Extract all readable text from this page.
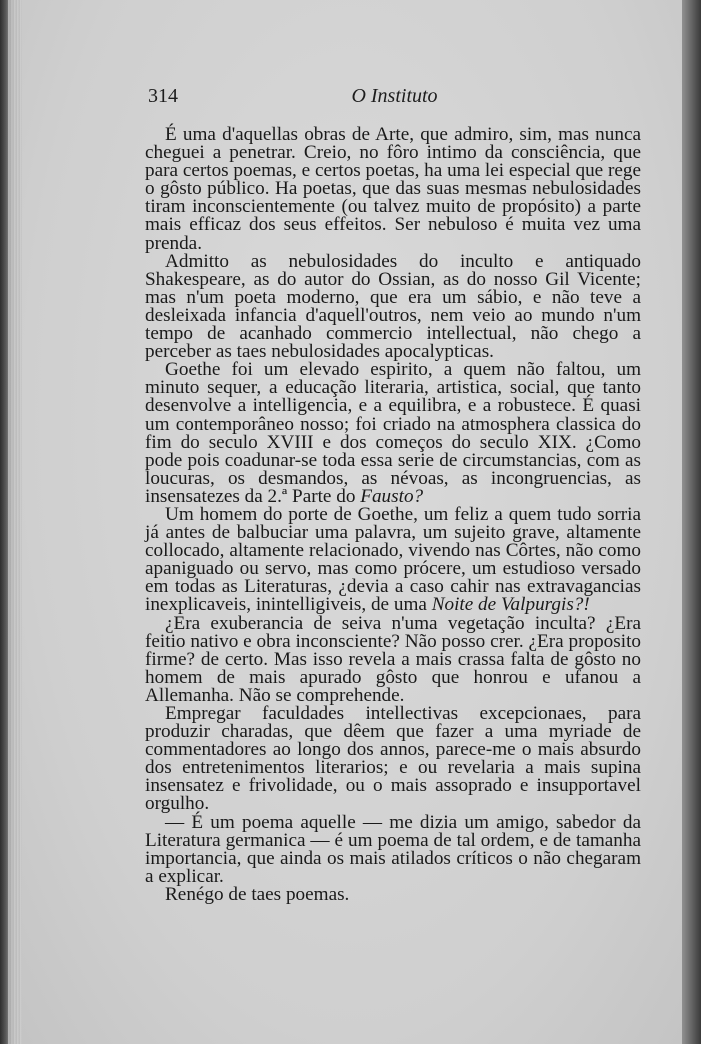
314	O Instituto

É uma d'aquellas obras de Arte, que admiro, sim, mas nunca cheguei a penetrar. Creio, no fôro intimo da consciência, que para certos poemas, e certos poetas, ha uma lei especial que rege o gôsto público. Ha poetas, que das suas mesmas nebulosidades tiram inconscientemente (ou talvez muito de propósito) a parte mais efficaz dos seus effeitos. Ser nebuloso é muita vez uma prenda.

Admitto as nebulosidades do inculto e antiquado Shakespeare, as do autor do Ossian, as do nosso Gil Vicente; mas n'um poeta moderno, que era um sábio, e não teve a desleixada infancia d'aquell'outros, nem veio ao mundo n'um tempo de acanhado commercio intellectual, não chego a perceber as taes nebulosidades apocalypticas.

Goethe foi um elevado espirito, a quem não faltou, um minuto sequer, a educação literaria, artistica, social, que tanto desenvolve a intelligencia, e a equilibra, e a robustece. É quasi um contemporâneo nosso; foi criado na atmosphera classica do fim do seculo XVIII e dos começos do seculo XIX. ¿Como pode pois coadunar-se toda essa serie de circumstancias, com as loucuras, os desmandos, as névoas, as incongruencias, as insensatezes da 2.ª Parte do Fausto?

Um homem do porte de Goethe, um feliz a quem tudo sorria já antes de balbuciar uma palavra, um sujeito grave, altamente collocado, altamente relacionado, vivendo nas Côrtes, não como apaniguado ou servo, mas como prócere, um estudioso versado em todas as Literaturas, ¿devia a caso cahir nas extravagancias inexplicaveis, inintelligiveis, de uma Noite de Valpurgis?!

¿Era exuberancia de seiva n'uma vegetação inculta? ¿Era feitio nativo e obra inconsciente? Não posso crer. ¿Era proposito firme? de certo. Mas isso revela a mais crassa falta de gôsto no homem de mais apurado gôsto que honrou e ufanou a Allemanha. Não se comprehende.

Empregar faculdades intellectivas excepcionaes, para produzir charadas, que dêem que fazer a uma myriade de commentadores ao longo dos annos, parece-me o mais absurdo dos entretenimentos literarios; e ou revelaria a mais supina insensatez e frivolidade, ou o mais assoprado e insupportavel orgulho.

— É um poema aquelle — me dizia um amigo, sabedor da Literatura germanica — é um poema de tal ordem, e de tamanha importancia, que ainda os mais atilados críticos o não chegaram a explicar.

Renégo de taes poemas.
